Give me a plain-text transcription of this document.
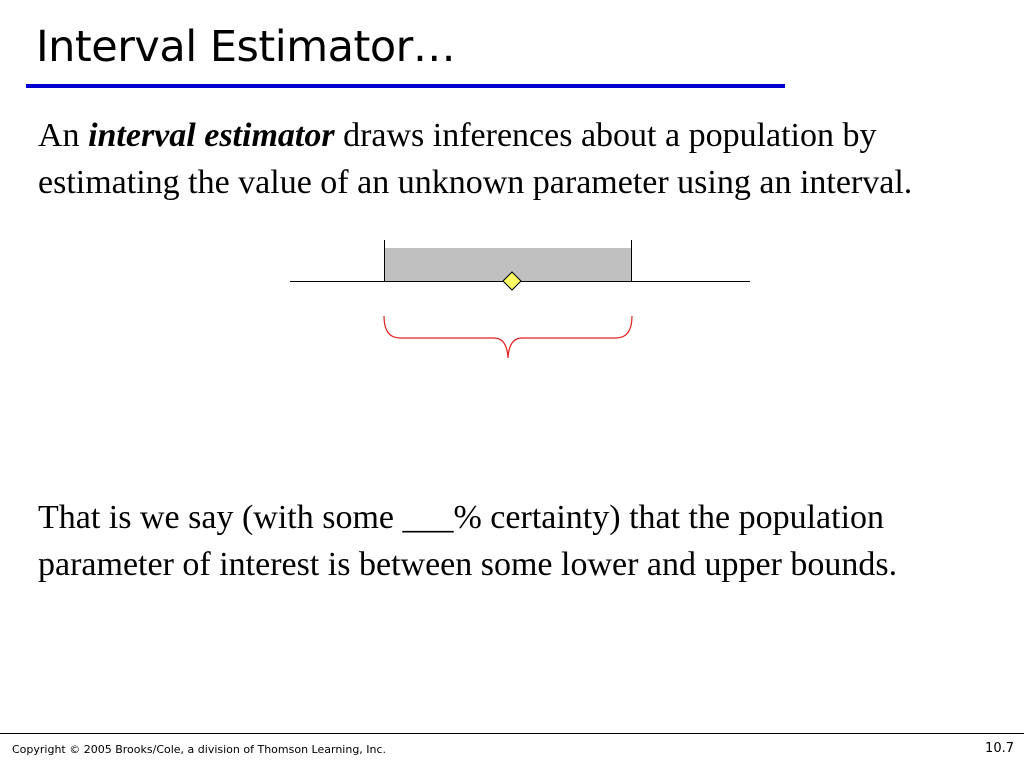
Interval Estimator…

An interval estimator draws inferences about a population by estimating the value of an unknown parameter using an interval.

That is we say (with some ___% certainty) that the population parameter of interest is between some lower and upper bounds.

Copyright © 2005 Brooks/Cole, a division of Thomson Learning, Inc.	10.7
